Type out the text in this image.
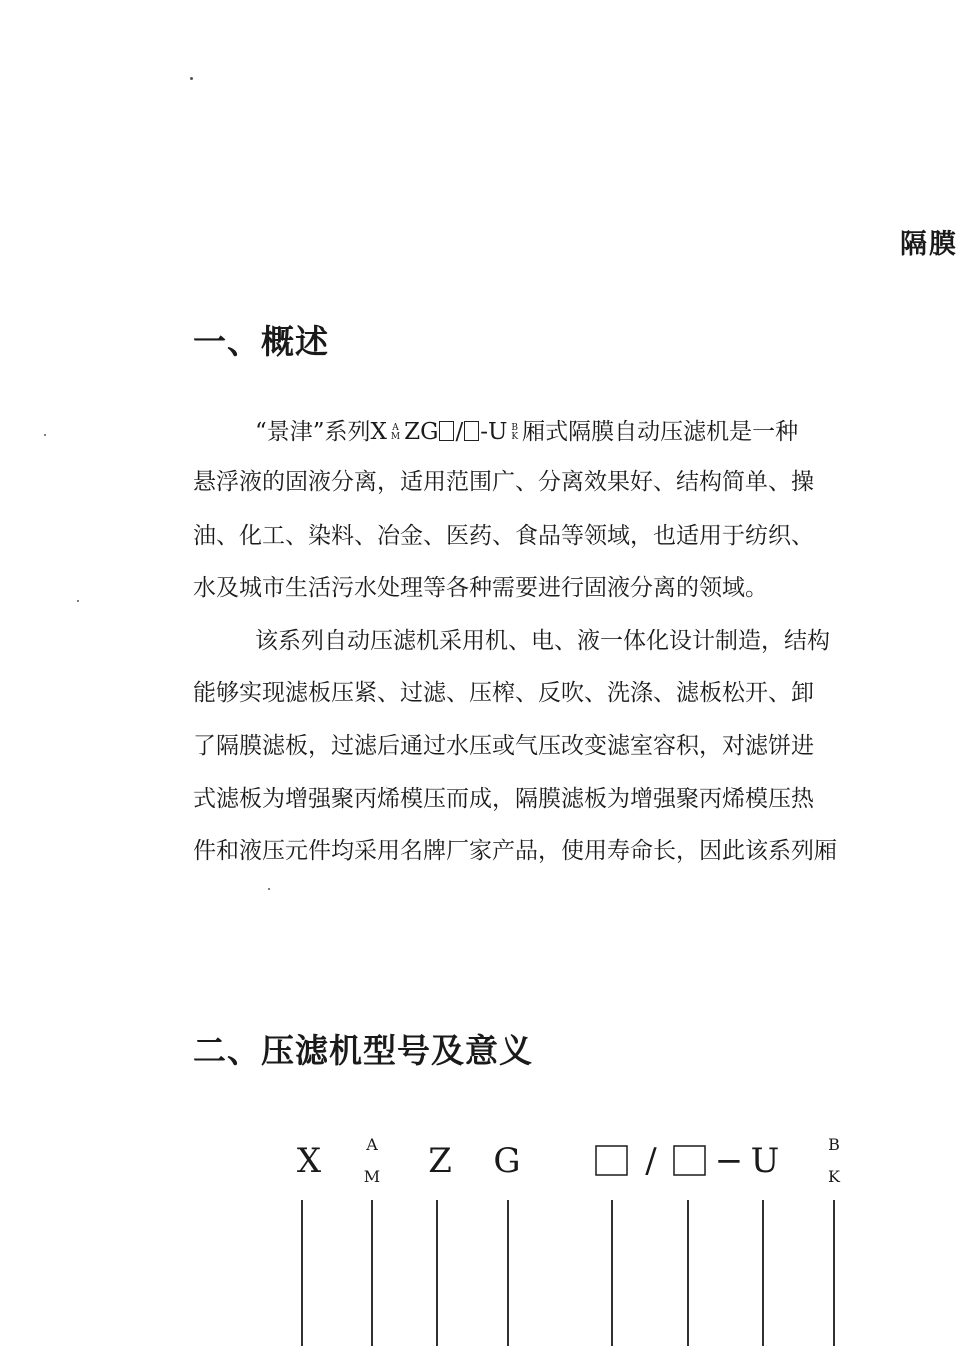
隔膜
一、概述
“景津”系列X A
M ZG / -U B
K 厢式隔膜自动压滤机是一种
悬浮液的固液分离，适用范围广、分离效果好、结构简单、操
油、化工、染料、冶金、医药、食品等领域，也适用于纺织、
水及城市生活污水处理等各种需要进行固液分离的领域。
该系列自动压滤机采用机、电、液一体化设计制造，结构
能够实现滤板压紧、过滤、压榨、反吹、洗涤、滤板松开、卸
了隔膜滤板，过滤后通过水压或气压改变滤室容积，对滤饼进
式滤板为增强聚丙烯模压而成，隔膜滤板为增强聚丙烯模压热
件和液压元件均采用名牌厂家产品，使用寿命长，因此该系列厢
二、压滤机型号及意义
X	A
M Z G	/ − U	B
K
